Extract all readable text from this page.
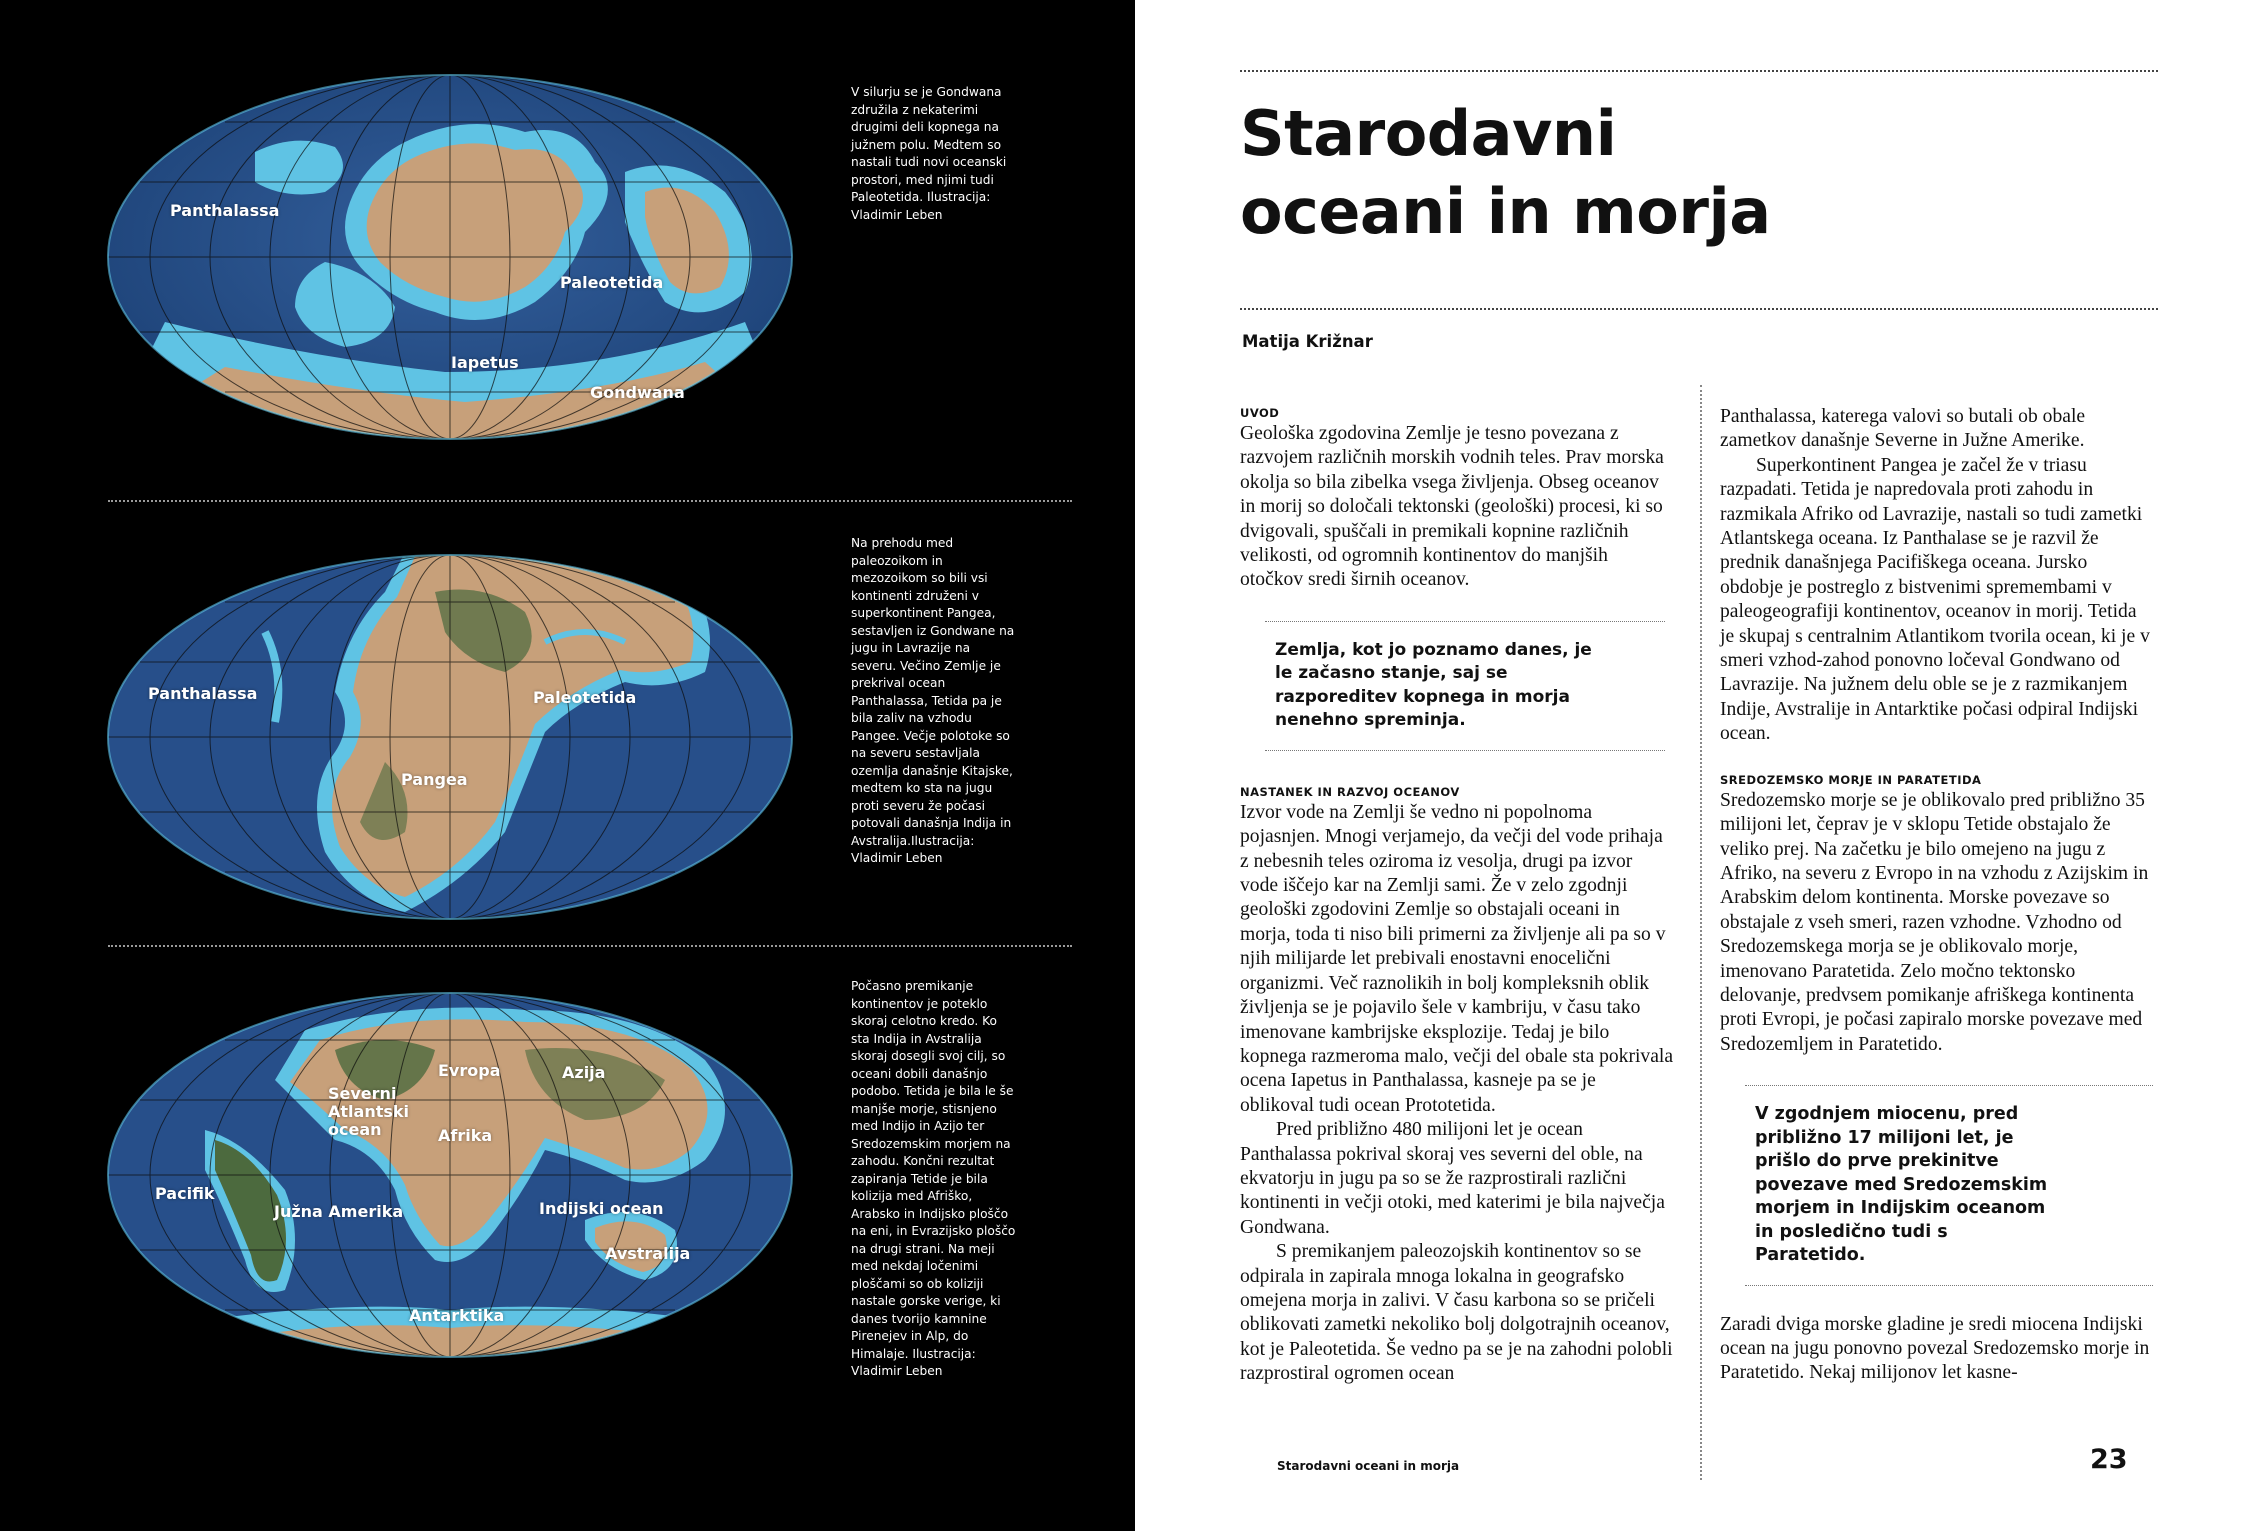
Panthalassa
Paleotetida
Iapetus
Gondwana
V silurju se je Gondwana združila z nekaterimi drugimi deli kopnega na južnem polu. Medtem so nastali tudi novi oceanski prostori, med njimi tudi Paleotetida. Ilustracija: Vladimir Leben
Panthalassa	Paleotetida
Pangea
Na prehodu med paleozoikom in mezozoikom so bili vsi kontinenti združeni v superkontinent Pangea, sestavljen iz Gondwane na jugu in Lavrazije na severu. Večino Zemlje je prekrival ocean Panthalassa, Tetida pa je bila zaliv na vzhodu Pangee. Večje polotoke so na severu sestavljala ozemlja današnje Kitajske, medtem ko sta na jugu proti severu že počasi potovali današnja Indija in Avstralija.Ilustracija: Vladimir Leben
Evropa	Azija
Severni Atlantski ocean	Afrika
Pacifik
Južna Amerika	Indijski ocean
Avstralija
Antarktika
Počasno premikanje kontinentov je poteklo skoraj celotno kredo. Ko sta Indija in Avstralija skoraj dosegli svoj cilj, so oceani dobili današnjo podobo. Tetida je bila le še manjše morje, stisnjeno med Indijo in Azijo ter Sredozemskim morjem na zahodu. Končni rezultat zapiranja Tetide je bila kolizija med Afriško, Arabsko in Indijsko ploščo na eni, in Evrazijsko ploščo na drugi strani. Na meji med nekdaj ločenimi ploščami so ob koliziji nastale gorske verige, ki danes tvorijo kamnine Pirenejev in Alp, do Himalaje. Ilustracija: Vladimir Leben
Starodavni
oceani in morja
Matija Križnar
UVOD

Geološka zgodovina Zemlje je tesno povezana z razvojem različnih morskih vodnih teles. Prav morska okolja so bila zibelka vsega življenja. Obseg oceanov in morij so določali tektonski (geološki) procesi, ki so dvigovali, spuščali in premikali kopnine različnih velikosti, od ogromnih kontinentov do manjših otočkov sredi širnih oceanov.

Zemlja, kot jo poznamo danes, je le začasno stanje, saj se razporeditev kopnega in morja nenehno spreminja.
NASTANEK IN RAZVOJ OCEANOV

Izvor vode na Zemlji še vedno ni popolnoma pojasnjen. Mnogi verjamejo, da večji del vode prihaja z nebesnih teles oziroma iz vesolja, drugi pa izvor vode iščejo kar na Zemlji sami. Že v zelo zgodnji geološki zgodovini Zemlje so obstajali oceani in morja, toda ti niso bili primerni za življenje ali pa so v njih milijarde let prebivali enostavni enocelični organizmi. Več raznolikih in bolj kompleksnih oblik življenja se je pojavilo šele v kambriju, v času tako imenovane kambrijske eksplozije. Tedaj je bilo kopnega razmeroma malo, večji del obale sta pokrivala ocena Iapetus in Panthalassa, kasneje pa se je oblikoval tudi ocean Prototetida.

Pred približno 480 milijoni let je ocean Panthalassa pokrival skoraj ves severni del oble, na ekvatorju in jugu pa so se že razprostirali različni kontinenti in večji otoki, med katerimi je bila največja Gondwana.

S premikanjem paleozojskih kontinentov so se odpirala in zapirala mnoga lokalna in geografsko omejena morja in zalivi. V času karbona so se pričeli oblikovati zametki nekoliko bolj dolgotrajnih oceanov, kot je Paleotetida. Še vedno pa se je na zahodni polobli razprostiral ogromen ocean

Panthalassa, katerega valovi so butali ob obale zametkov današnje Severne in Južne Amerike.

Superkontinent Pangea je začel že v triasu razpadati. Tetida je napredovala proti zahodu in razmikala Afriko od Lavrazije, nastali so tudi zametki Atlantskega oceana. Iz Panthalase se je razvil že prednik današnjega Pacifiškega oceana. Jursko obdobje je postreglo z bistvenimi spremembami v paleogeografiji kontinentov, oceanov in morij. Tetida je skupaj s centralnim Atlantikom tvorila ocean, ki je v smeri vzhod-zahod ponovno ločeval Gondwano od Lavrazije. Na južnem delu oble se je z razmikanjem Indije, Avstralije in Antarktike počasi odpiral Indijski ocean.

SREDOZEMSKO MORJE IN PARATETIDA

Sredozemsko morje se je oblikovalo pred približno 35 milijoni let, čeprav je v sklopu Tetide obstajalo že veliko prej. Na začetku je bilo omejeno na jugu z Afriko, na severu z Evropo in na vzhodu z Azijskim in Arabskim delom kontinenta. Morske povezave so obstajale z vseh smeri, razen vzhodne. Vzhodno od Sredozemskega morja se je oblikovalo morje, imenovano Paratetida. Zelo močno tektonsko delovanje, predvsem pomikanje afriškega kontinenta proti Evropi, je počasi zapiralo morske povezave med Sredozemljem in Paratetido.

V zgodnjem miocenu, pred približno 17 milijoni let, je prišlo do prve prekinitve povezave med Sredozemskim morjem in Indijskim oceanom in posledično tudi s Paratetido.

Zaradi dviga morske gladine je sredi miocena Indijski ocean na jugu ponovno povezal Sredozemsko morje in Paratetido. Nekaj milijonov let kasne-

Starodavni oceani in morja	23
